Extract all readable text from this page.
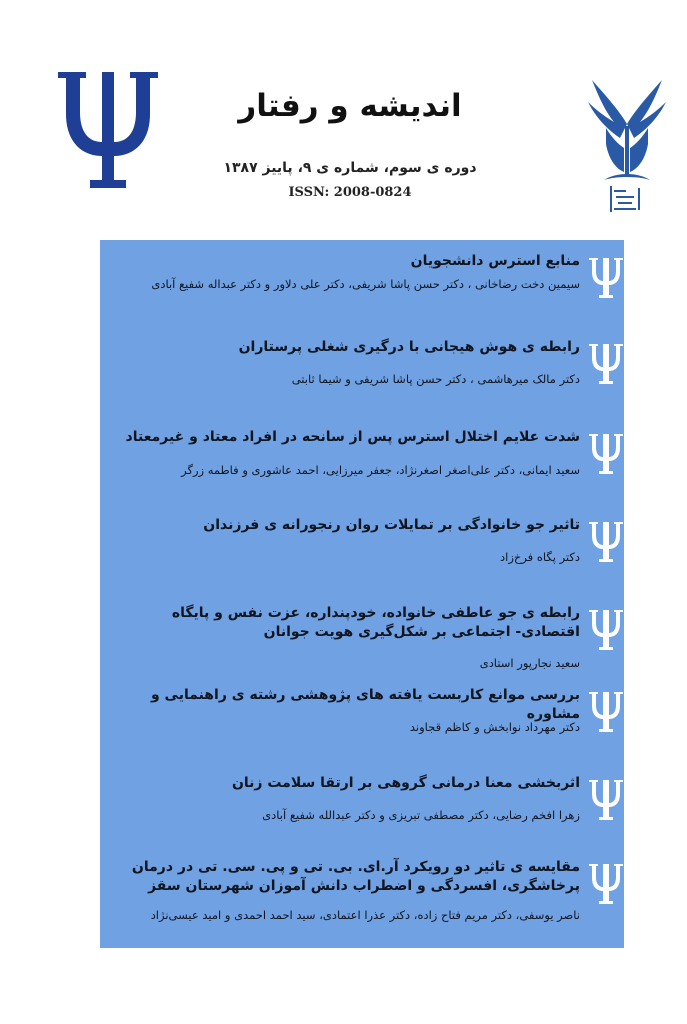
اندیشه و رفتار
دوره ی سوم، شماره ی ۹، پاییز ۱۳۸۷
ISSN: 2008-0824
منابع استرس دانشجویان
سیمین دخت رضاخانی ، دکتر حسن پاشا شریفی، دکتر علی دلاور و دکتر عبداله شفیع آبادی
رابطه ی هوش هیجانی با درگیری شغلی پرستاران
دکتر مالک میرهاشمی ، دکتر حسن پاشا شریفی و شیما ثابتی
شدت علایم اختلال استرس پس از سانحه در افراد معتاد و غیرمعتاد
سعید ایمانی، دکتر علی‌اصغر اصغرنژاد، جعفر میرزایی، احمد عاشوری و فاطمه زرگر
تاثیر جو خانوادگی بر تمایلات روان رنجورانه ی فرزندان
دکتر پگاه فرخ‌زاد
رابطه ی جو عاطفی خانواده، خودپنداره، عزت نفس و پایگاه اقتصادی- اجتماعی بر شکل‌گیری هویت جوانان
سعید نجارپور استادی
بررسی موانع کاربست یافته های پژوهشی رشته ی راهنمایی و مشاوره
دکتر مهرداد نوابخش و کاظم قجاوند
اثربخشی معنا درمانی گروهی بر ارتقا سلامت زنان
زهرا افخم رضایی، دکتر مصطفی تبریزی و دکتر عبدالله شفیع آبادی
مقایسه ی تاثیر دو رویکرد آر.ای. بی. تی و پی. سی. تی در درمان پرخاشگری، افسردگی و اضطراب دانش آموزان شهرستان سقز
ناصر یوسفی، دکتر مریم فتاح زاده، دکتر عذرا اعتمادی، سید احمد احمدی و امید عیسی‌نژاد
